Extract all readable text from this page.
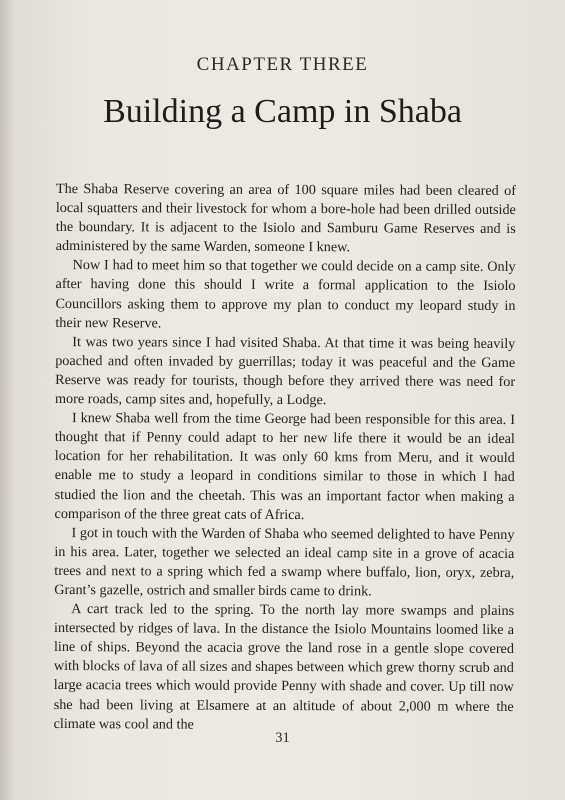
CHAPTER THREE
Building a Camp in Shaba

The Shaba Reserve covering an area of 100 square miles had been cleared of local squatters and their livestock for whom a bore-hole had been drilled outside the boundary. It is adjacent to the Isiolo and Samburu Game Reserves and is administered by the same Warden, someone I knew.

Now I had to meet him so that together we could decide on a camp site. Only after having done this should I write a formal application to the Isiolo Councillors asking them to approve my plan to conduct my leopard study in their new Reserve.

It was two years since I had visited Shaba. At that time it was being heavily poached and often invaded by guerrillas; today it was peaceful and the Game Reserve was ready for tourists, though before they arrived there was need for more roads, camp sites and, hopefully, a Lodge.

I knew Shaba well from the time George had been responsible for this area. I thought that if Penny could adapt to her new life there it would be an ideal location for her rehabilitation. It was only 60 kms from Meru, and it would enable me to study a leopard in conditions similar to those in which I had studied the lion and the cheetah. This was an important factor when making a comparison of the three great cats of Africa.

I got in touch with the Warden of Shaba who seemed delighted to have Penny in his area. Later, together we selected an ideal camp site in a grove of acacia trees and next to a spring which fed a swamp where buffalo, lion, oryx, zebra, Grant’s gazelle, ostrich and smaller birds came to drink.

A cart track led to the spring. To the north lay more swamps and plains intersected by ridges of lava. In the distance the Isiolo Mountains loomed like a line of ships. Beyond the acacia grove the land rose in a gentle slope covered with blocks of lava of all sizes and shapes between which grew thorny scrub and large acacia trees which would provide Penny with shade and cover. Up till now she had been living at Elsamere at an altitude of about 2,000 m where the climate was cool and the

31
